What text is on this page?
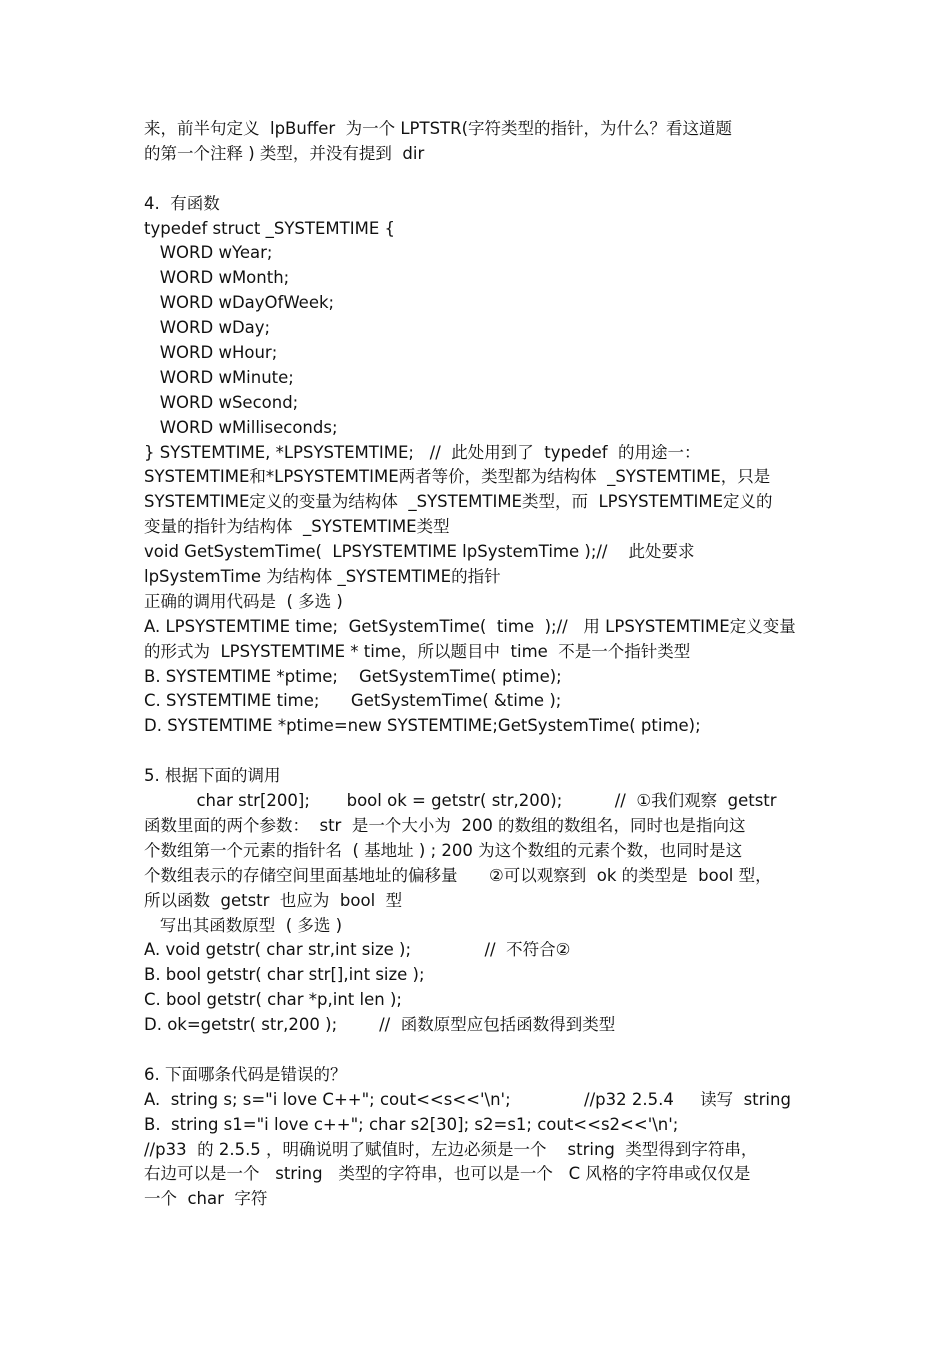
来，前半句定义  lpBuffer  为一个 LPTSTR(字符类型的指针，为什么？看这道题
的第一个注释 ) 类型，并没有提到  dir
4.  有函数
typedef struct _SYSTEMTIME {
WORD wYear;
WORD wMonth;
WORD wDayOfWeek;
WORD wDay;
WORD wHour;
WORD wMinute;
WORD wSecond;
WORD wMilliseconds;
} SYSTEMTIME, *LPSYSTEMTIME;   //  此处用到了  typedef  的用途一：
SYSTEMTIME和*LPSYSTEMTIME两者等价，类型都为结构体  _SYSTEMTIME，只是
SYSTEMTIME定义的变量为结构体  _SYSTEMTIME类型，而  LPSYSTEMTIME定义的
变量的指针为结构体  _SYSTEMTIME类型
void GetSystemTime(  LPSYSTEMTIME lpSystemTime );//    此处要求
lpSystemTime 为结构体 _SYSTEMTIME的指针
正确的调用代码是  ( 多选 )
A. LPSYSTEMTIME time;  GetSystemTime(  time  );//   用 LPSYSTEMTIME定义变量
的形式为  LPSYSTEMTIME * time，所以题目中  time  不是一个指针类型
B. SYSTEMTIME *ptime;    GetSystemTime( ptime);
C. SYSTEMTIME time;      GetSystemTime( &time );
D. SYSTEMTIME *ptime=new SYSTEMTIME;GetSystemTime( ptime);
5. 根据下面的调用
char str[200];       bool ok = getstr( str,200);          //  ①我们观察  getstr
函数里面的两个参数：  str  是一个大小为  200 的数组的数组名，同时也是指向这
个数组第一个元素的指针名  ( 基地址 ) ; 200 为这个数组的元素个数，也同时是这
个数组表示的存储空间里面基地址的偏移量      ②可以观察到  ok 的类型是  bool 型，
所以函数  getstr  也应为  bool  型
写出其函数原型  ( 多选 )
A. void getstr( char str,int size );              //  不符合②
B. bool getstr( char str[],int size );
C. bool getstr( char *p,int len );
D. ok=getstr( str,200 );        //  函数原型应包括函数得到类型
6. 下面哪条代码是错误的？
A.  string s; s="i love C++"; cout<<s<<'\n';              //p32 2.5.4     读写  string
B.  string s1="i love c++"; char s2[30]; s2=s1; cout<<s2<<'\n';
//p33  的 2.5.5 ，明确说明了赋值时，左边必须是一个    string  类型得到字符串，
右边可以是一个   string   类型的字符串，也可以是一个   C 风格的字符串或仅仅是
一个  char  字符
